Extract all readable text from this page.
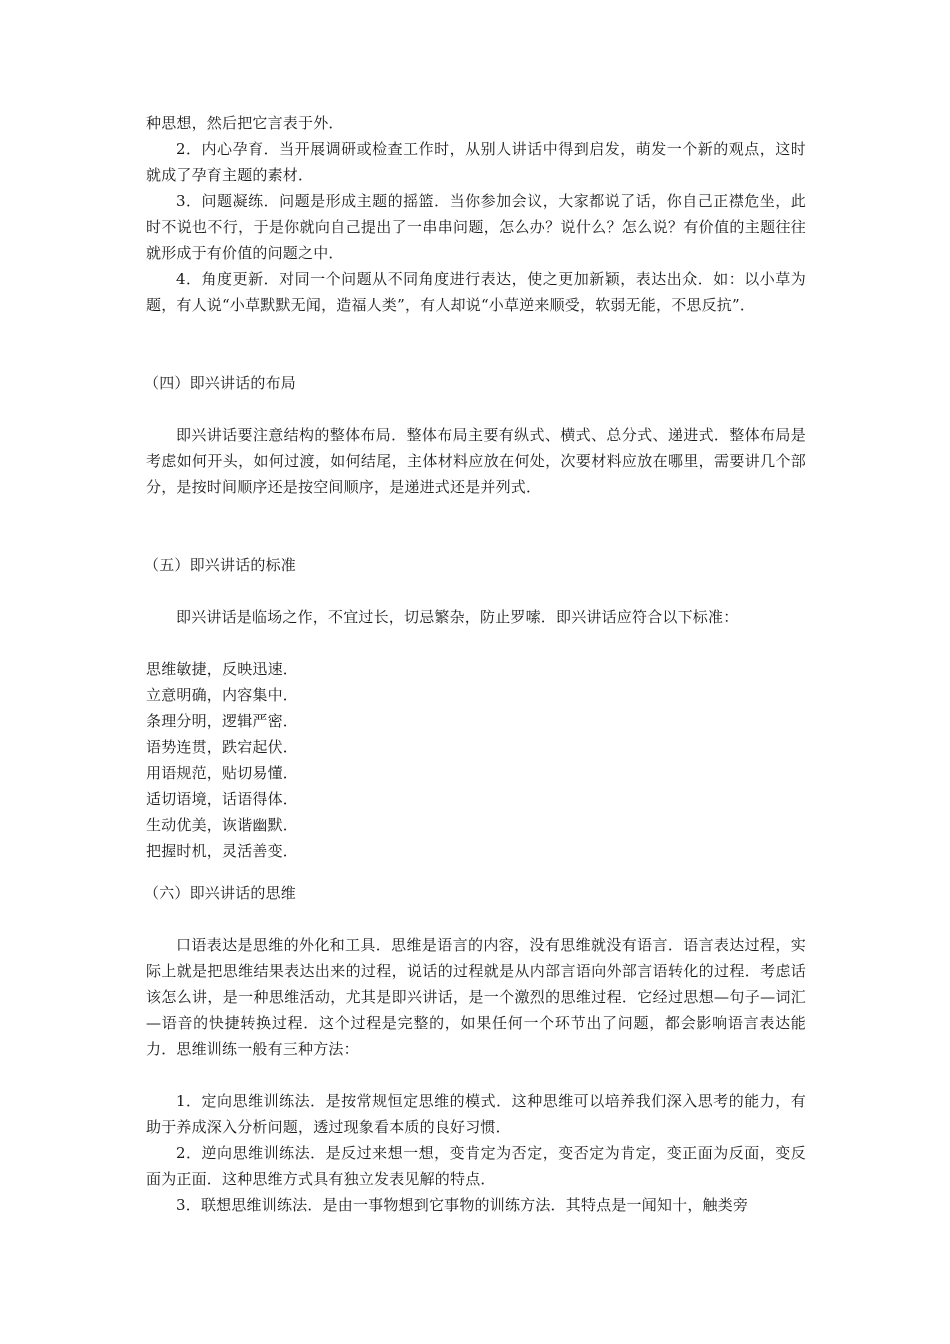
种思想，然后把它言表于外．

2．内心孕育．当开展调研或检查工作时，从别人讲话中得到启发，萌发一个新的观点，这时就成了孕育主题的素材．

3．问题凝练．问题是形成主题的摇篮．当你参加会议，大家都说了话，你自己正襟危坐，此时不说也不行，于是你就向自己提出了一串串问题，怎么办？说什么？怎么说？有价值的主题往往就形成于有价值的问题之中．

4．角度更新．对同一个问题从不同角度进行表达，使之更加新颖，表达出众．如：以小草为题，有人说“小草默默无闻，造福人类”，有人却说“小草逆来顺受，软弱无能，不思反抗”．

（四）即兴讲话的布局

即兴讲话要注意结构的整体布局．整体布局主要有纵式、横式、总分式、递进式．整体布局是考虑如何开头，如何过渡，如何结尾，主体材料应放在何处，次要材料应放在哪里，需要讲几个部分，是按时间顺序还是按空间顺序，是递进式还是并列式．

（五）即兴讲话的标准

即兴讲话是临场之作，不宜过长，切忌繁杂，防止罗嗦．即兴讲话应符合以下标准：

思维敏捷，反映迅速．

立意明确，内容集中．

条理分明，逻辑严密．

语势连贯，跌宕起伏．

用语规范，贴切易懂．

适切语境，话语得体．

生动优美，诙谐幽默．

把握时机，灵活善变．

（六）即兴讲话的思维

口语表达是思维的外化和工具．思维是语言的内容，没有思维就没有语言．语言表达过程，实际上就是把思维结果表达出来的过程，说话的过程就是从内部言语向外部言语转化的过程．考虑话该怎么讲，是一种思维活动，尤其是即兴讲话，是一个激烈的思维过程．它经过思想—句子—词汇—语音的快捷转换过程．这个过程是完整的，如果任何一个环节出了问题，都会影响语言表达能力．思维训练一般有三种方法：

1．定向思维训练法．是按常规恒定思维的模式．这种思维可以培养我们深入思考的能力，有助于养成深入分析问题，透过现象看本质的良好习惯．

2．逆向思维训练法．是反过来想一想，变肯定为否定，变否定为肯定，变正面为反面，变反面为正面．这种思维方式具有独立发表见解的特点．

3．联想思维训练法．是由一事物想到它事物的训练方法．其特点是一闻知十，触类旁
